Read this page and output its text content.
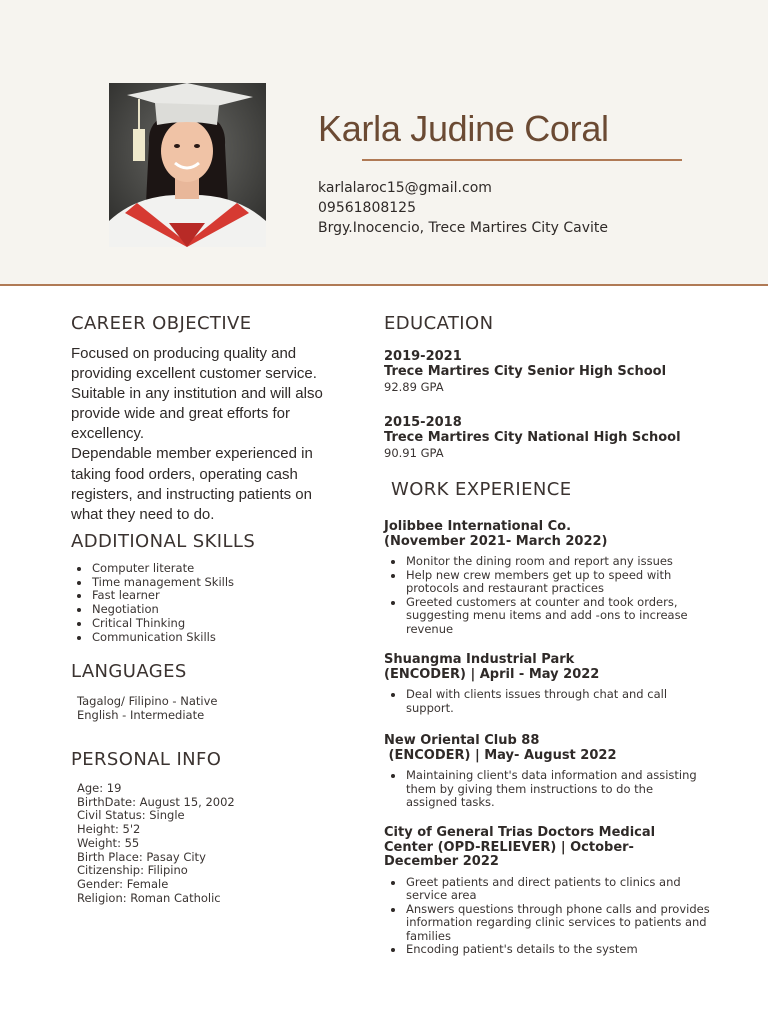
Karla Judine Coral
karlalaroc15@gmail.com
09561808125
Brgy.Inocencio, Trece Martires City Cavite
CAREER OBJECTIVE
Focused on producing quality and
providing excellent customer service.
Suitable in any institution and will also
provide wide and great efforts for
excellency.
Dependable member experienced in
taking food orders, operating cash
registers, and instructing patients on
what they need to do.
ADDITIONAL SKILLS
Computer literate
Time management Skills
Fast learner
Negotiation
Critical Thinking
Communication Skills
LANGUAGES
Tagalog/ Filipino - Native
English - Intermediate
PERSONAL INFO
Age: 19
BirthDate: August 15, 2002
Civil Status: Single
Height: 5'2
Weight: 55
Birth Place: Pasay City
Citizenship: Filipino
Gender: Female
Religion: Roman Catholic
EDUCATION
2019-2021
Trece Martires City Senior High School
92.89 GPA
2015-2018
Trece Martires City National High School
90.91 GPA
WORK EXPERIENCE
Jolibbee International Co.
(November 2021- March 2022)
Monitor the dining room and report any issues
Help new crew members get up to speed with
protocols and restaurant practices
Greeted customers at counter and took orders,
suggesting menu items and add -ons to increase
revenue
Shuangma Industrial Park
(ENCODER) | April - May 2022
Deal with clients issues through chat and call
support.
New Oriental Club 88
(ENCODER) | May- August 2022
Maintaining client's data information and assisting
them by giving them instructions to do the
assigned tasks.
City of General Trias Doctors Medical
Center (OPD-RELIEVER) | October-
December 2022
Greet patients and direct patients to clinics and
service area
Answers questions through phone calls and provides
information regarding clinic services to patients and
families
Encoding patient's details to the system
